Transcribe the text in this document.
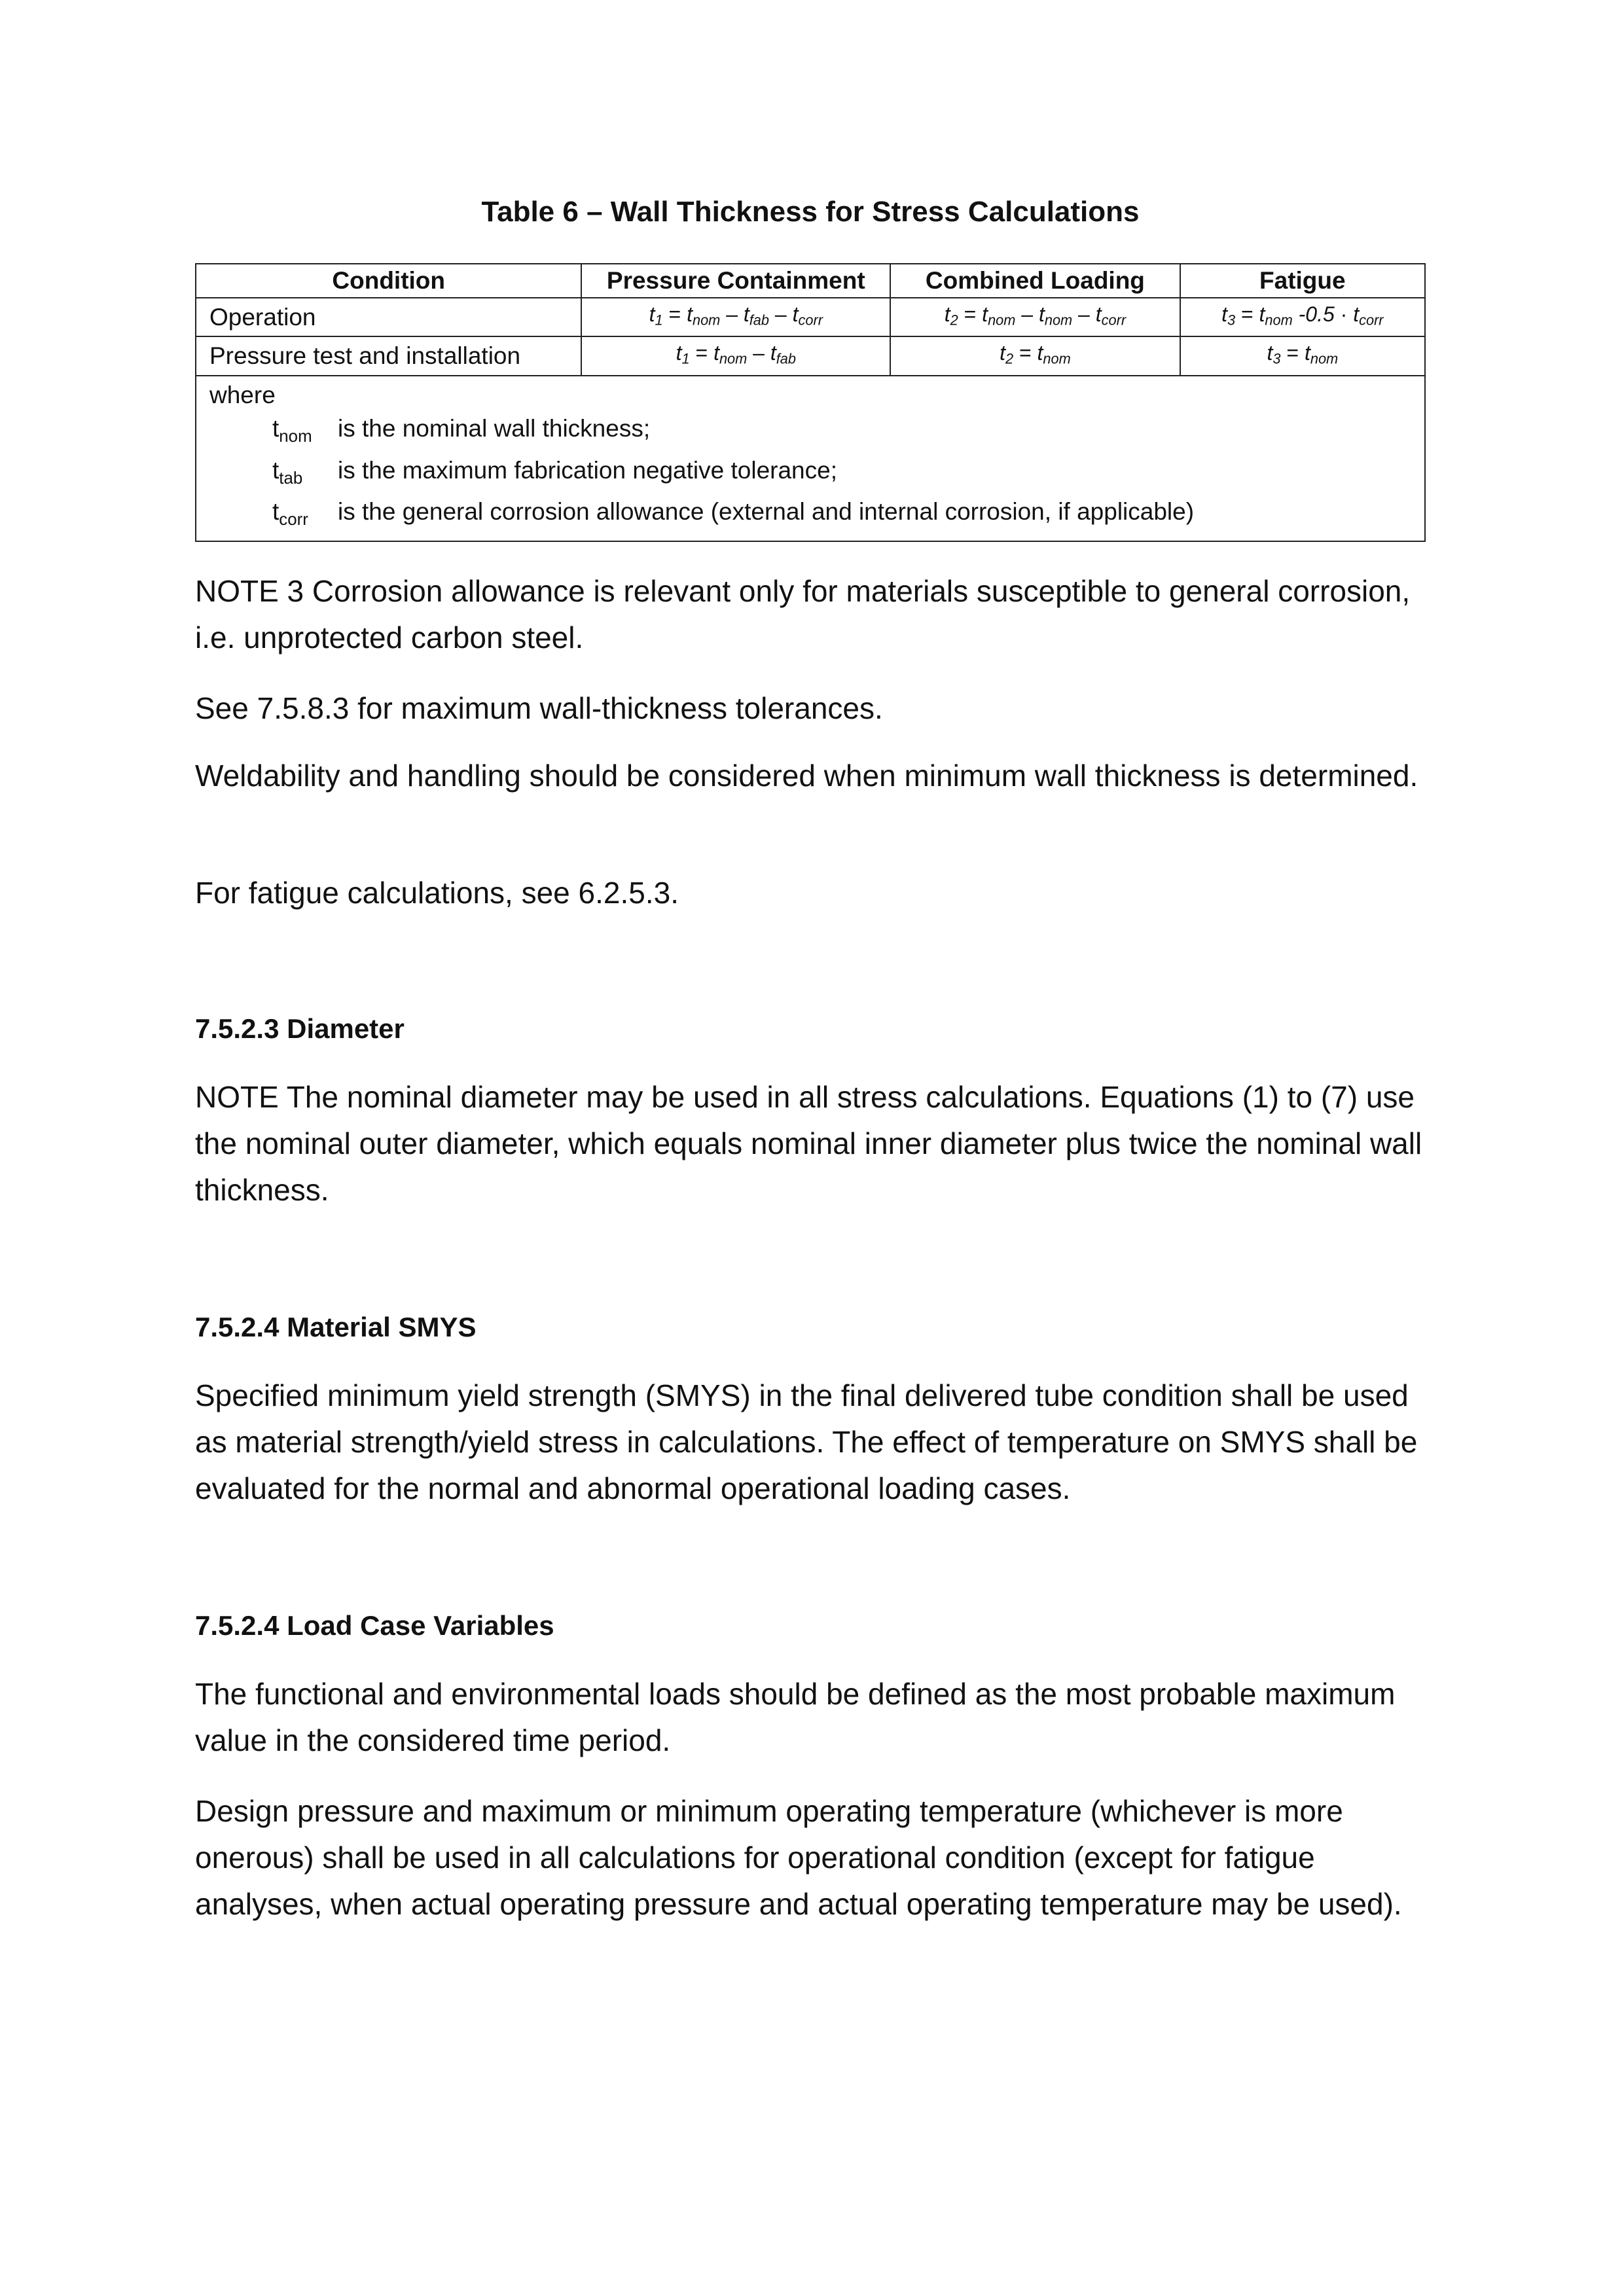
Table 6 – Wall Thickness for Stress Calculations
Condition	Pressure Containment	Combined Loading	Fatigue
Operation	$t_1 = t_{nom} - t_{fab} - t_{corr}$	$t_2 = t_{nom} - t_{nom} - t_{corr}$	$t_3 = t_{nom}$ $-0.5 \cdot t_{corr}$
Pressure test and installation	$t_1 = t_{nom} - t_{fab}$	$t_2 = t_{nom}$	$t_3 = t_{nom}$

where
$t_{nom}$	is the nominal wall thickness;
$t_{tab}$	is the maximum fabrication negative tolerance;
$t_{corr}$	is the general corrosion allowance (external and internal corrosion, if applicable)

NOTE 3 Corrosion allowance is relevant only for materials susceptible to general corrosion, i.e. unprotected carbon steel.

See 7.5.8.3 for maximum wall-thickness tolerances.

Weldability and handling should be considered when minimum wall thickness is determined.

For fatigue calculations, see 6.2.5.3.

7.5.2.3 Diameter

NOTE The nominal diameter may be used in all stress calculations. Equations (1) to (7) use the nominal outer diameter, which equals nominal inner diameter plus twice the nominal wall thickness.

7.5.2.4 Material SMYS

Specified minimum yield strength (SMYS) in the final delivered tube condition shall be used as material strength/yield stress in calculations. The effect of temperature on SMYS shall be evaluated for the normal and abnormal operational loading cases.

7.5.2.4 Load Case Variables

The functional and environmental loads should be defined as the most probable maximum value in the considered time period.

Design pressure and maximum or minimum operating temperature (whichever is more onerous) shall be used in all calculations for operational condition (except for fatigue analyses, when actual operating pressure and actual operating temperature may be used).
